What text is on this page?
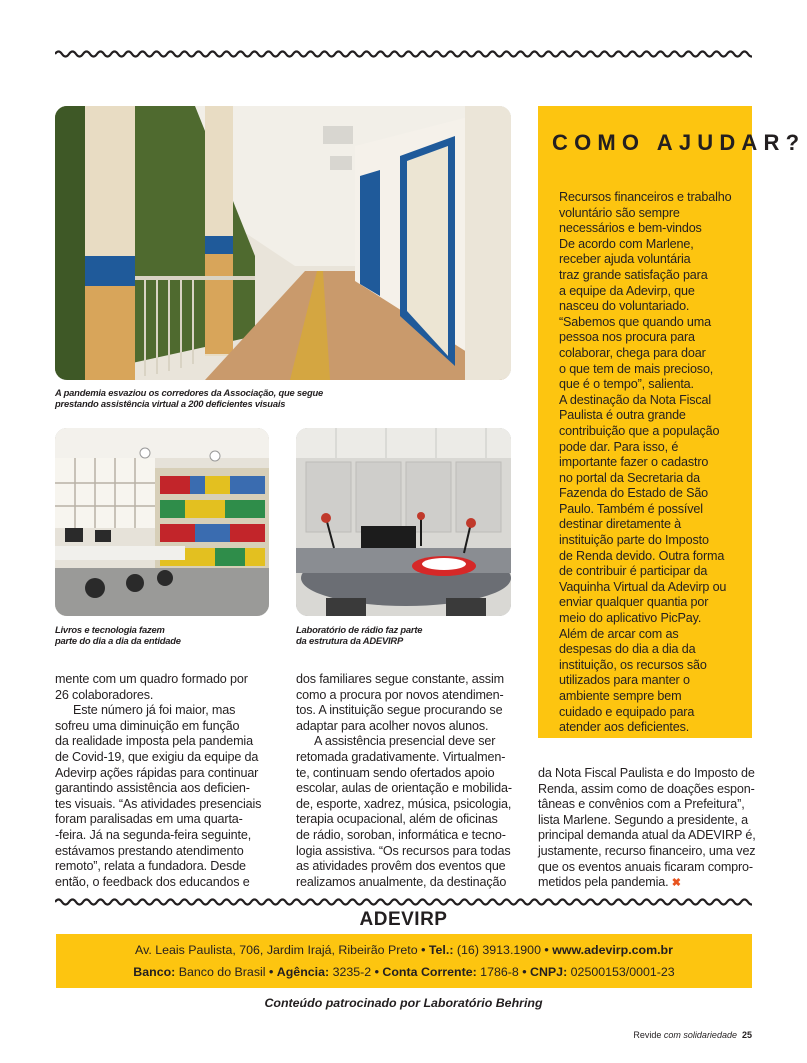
A pandemia esvaziou os corredores da Associação, que segue
prestando assistência virtual a 200 deficientes visuais
Livros e tecnologia fazem
parte do dia a dia da entidade
Laboratório de rádio faz parte
da estrutura da ADEVIRP

mente com um quadro formado por

26 colaboradores.

Este número já foi maior, mas

sofreu uma diminuição em função

da realidade imposta pela pandemia

de Covid-19, que exigiu da equipe da

Adevirp ações rápidas para continuar

garantindo assistência aos deficien-

tes visuais. “As atividades presenciais

foram paralisadas em uma quarta-

-feira. Já na segunda-feira seguinte,

estávamos prestando atendimento

remoto”, relata a fundadora. Desde

então, o feedback dos educandos e

dos familiares segue constante, assim

como a procura por novos atendimen-

tos. A instituição segue procurando se

adaptar para acolher novos alunos.

A assistência presencial deve ser

retomada gradativamente. Virtualmen-

te, continuam sendo ofertados apoio

escolar, aulas de orientação e mobilida-

de, esporte, xadrez, música, psicologia,

terapia ocupacional, além de oficinas

de rádio, soroban, informática e tecno-

logia assistiva. “Os recursos para todas

as atividades provêm dos eventos que

realizamos anualmente, da destinação

da Nota Fiscal Paulista e do Imposto de

Renda, assim como de doações espon-

tâneas e convênios com a Prefeitura”,

lista Marlene. Segundo a presidente, a

principal demanda atual da ADEVIRP é,

justamente, recurso financeiro, uma vez

que os eventos anuais ficaram compro-

metidos pela pandemia. ✖

COMO AJUDAR?

Recursos financeiros e trabalho

voluntário são sempre

necessários e bem-vindos

De acordo com Marlene,

receber ajuda voluntária

traz grande satisfação para

a equipe da Adevirp, que

nasceu do voluntariado.

“Sabemos que quando uma

pessoa nos procura para

colaborar, chega para doar

o que tem de mais precioso,

que é o tempo”, salienta.

A destinação da Nota Fiscal

Paulista é outra grande

contribuição que a população

pode dar. Para isso, é

importante fazer o cadastro

no portal da Secretaria da

Fazenda do Estado de São

Paulo. Também é possível

destinar diretamente à

instituição parte do Imposto

de Renda devido. Outra forma

de contribuir é participar da

Vaquinha Virtual da Adevirp ou

enviar qualquer quantia por

meio do aplicativo PicPay.

Além de arcar com as

despesas do dia a dia da

instituição, os recursos são

utilizados para manter o

ambiente sempre bem

cuidado e equipado para

atender aos deficientes.

ADEVIRP
Av. Leais Paulista, 706, Jardim Irajá, Ribeirão Preto • Tel.: (16) 3913.1900 • www.adevirp.com.br
Banco: Banco do Brasil • Agência: 3235-2 • Conta Corrente: 1786-8 • CNPJ: 02500153/0001-23
Conteúdo patrocinado por Laboratório Behring
Revide com solidariedade 25
